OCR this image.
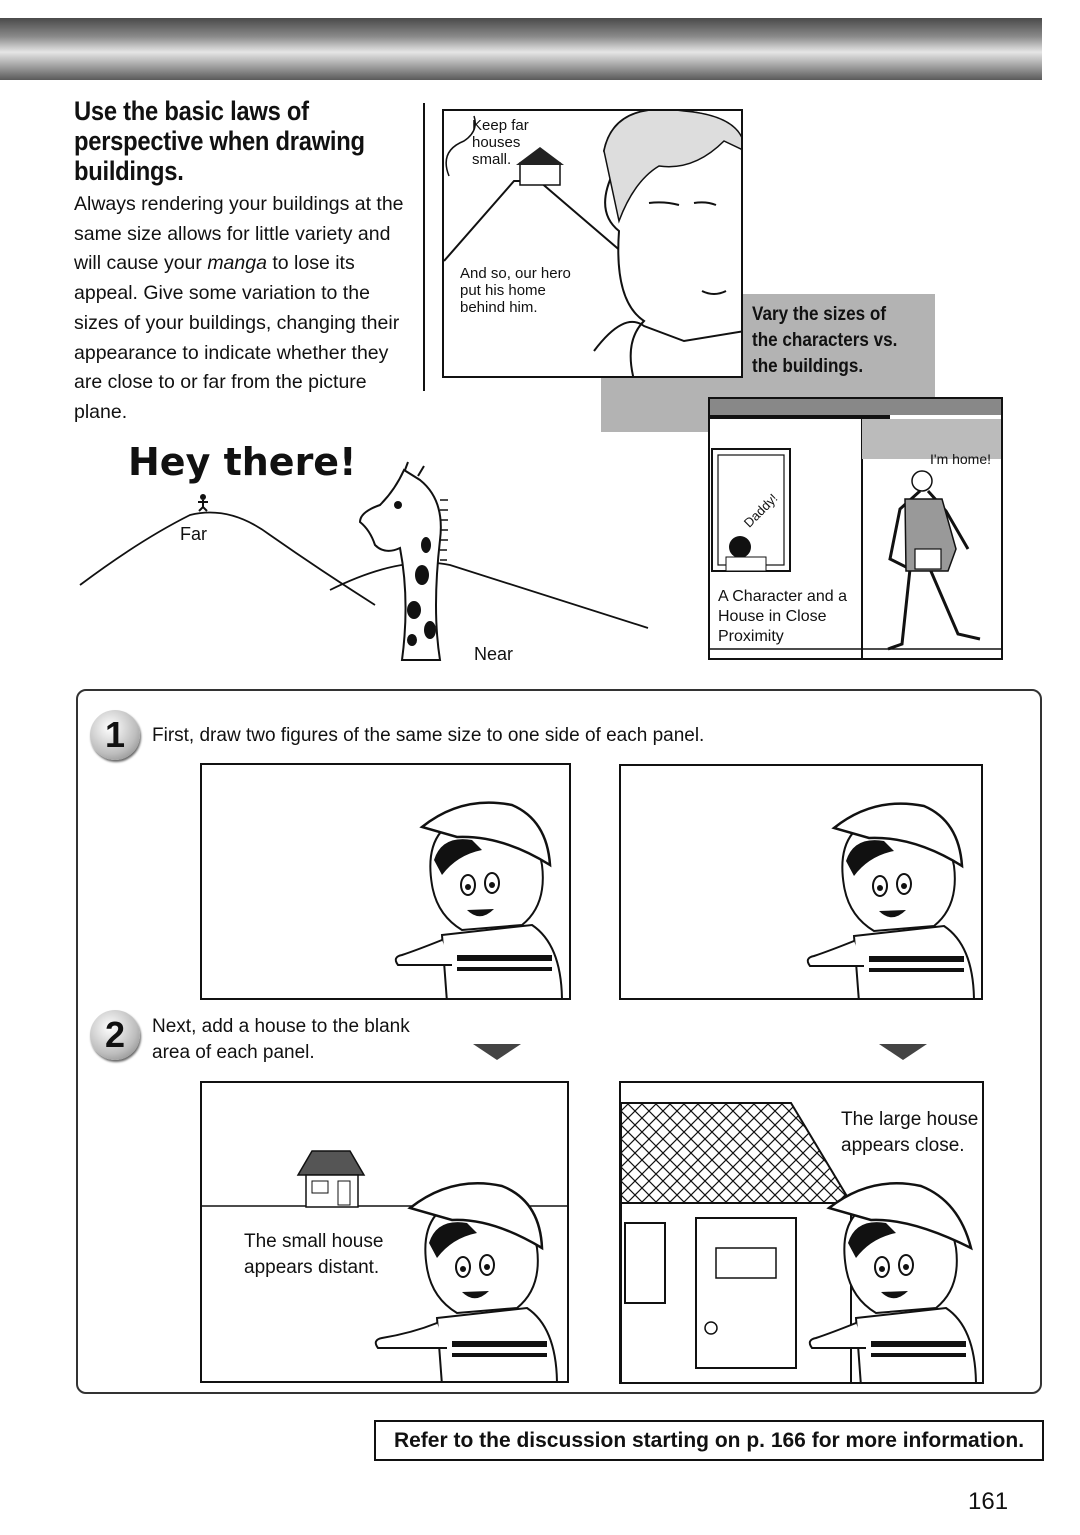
Use the basic laws of perspective when drawing buildings.
Always rendering your buildings at the same size allows for little variety and will cause your manga to lose its appeal. Give some variation to the sizes of your buildings, changing their appearance to indicate whether they are close to or far from the picture plane.
Vary the sizes of the characters vs. the buildings.
Keep far houses small.
And so, our hero put his home behind him.
Daddy!
I'm home!
A Character and a House in Close Proximity
Hey there!
Far
Near
1	First, draw two figures of the same size to one side of each panel.
2	Next, add a house to the blank area of each panel.
The small house appears distant.
The large house appears close.
Refer to the discussion starting on p. 166 for more information.
161
